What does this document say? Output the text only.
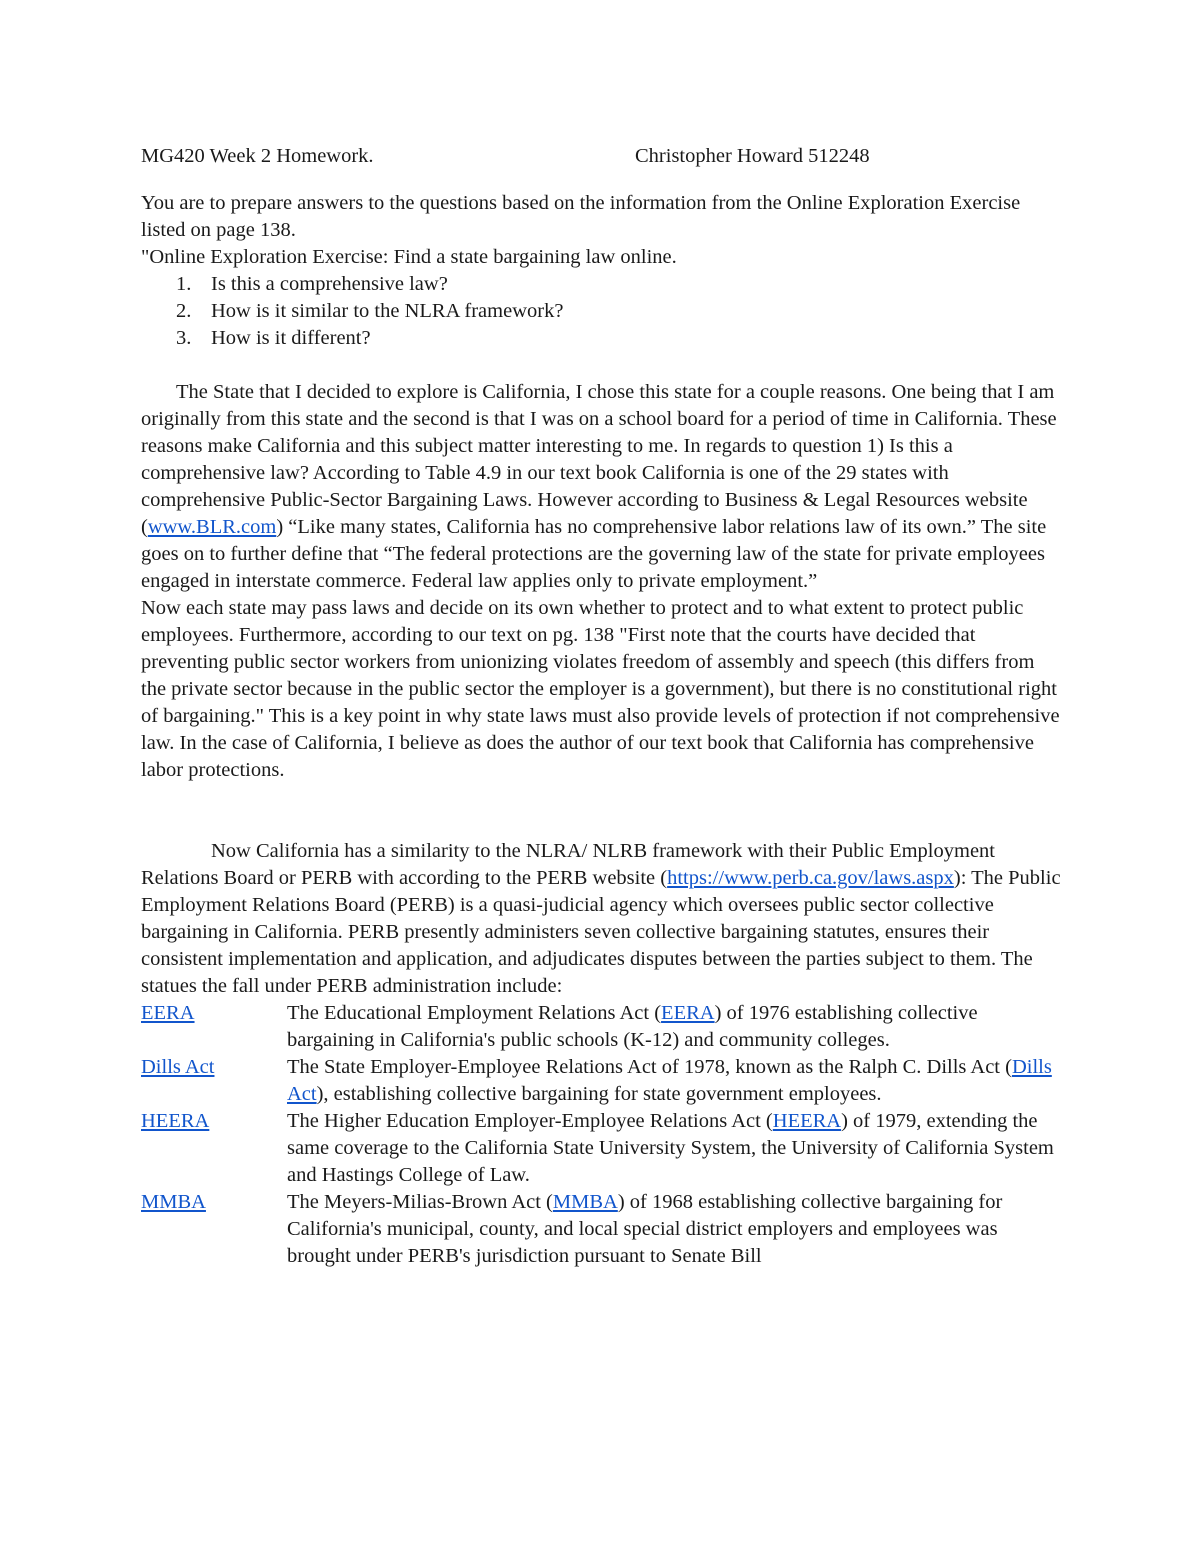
MG420 Week 2 Homework.	Christopher Howard 512248

You are to prepare answers to the questions based on the information from the Online Exploration Exercise listed on page 138.

"Online Exploration Exercise: Find a state bargaining law online.

1. Is this a comprehensive law?
2. How is it similar to the NLRA framework?
3. How is it different?

The State that I decided to explore is California, I chose this state for a couple reasons. One being that I am originally from this state and the second is that I was on a school board for a period of time in California. These reasons make California and this subject matter interesting to me. In regards to question 1) Is this a comprehensive law? According to Table 4.9 in our text book California is one of the 29 states with comprehensive Public-Sector Bargaining Laws. However according to Business & Legal Resources website (www.BLR.com) “Like many states, California has no comprehensive labor relations law of its own.” The site goes on to further define that “The federal protections are the governing law of the state for private employees engaged in interstate commerce. Federal law applies only to private employment.”

Now each state may pass laws and decide on its own whether to protect and to what extent to protect public employees. Furthermore, according to our text on pg. 138 "First note that the courts have decided that preventing public sector workers from unionizing violates freedom of assembly and speech (this differs from the private sector because in the public sector the employer is a government), but there is no constitutional right of bargaining." This is a key point in why state laws must also provide levels of protection if not comprehensive law. In the case of California, I believe as does the author of our text book that California has comprehensive labor protections.

Now California has a similarity to the NLRA/ NLRB framework with their Public Employment Relations Board or PERB with according to the PERB website (https://www.perb.ca.gov/laws.aspx): The Public Employment Relations Board (PERB) is a quasi-judicial agency which oversees public sector collective bargaining in California. PERB presently administers seven collective bargaining statutes, ensures their consistent implementation and application, and adjudicates disputes between the parties subject to them. The statues the fall under PERB administration include:

EERA	The Educational Employment Relations Act (EERA) of 1976 establishing collective bargaining in California's public schools (K-12) and community colleges.
Dills Act	The State Employer-Employee Relations Act of 1978, known as the Ralph C. Dills Act (Dills Act), establishing collective bargaining for state government employees.
HEERA	The Higher Education Employer-Employee Relations Act (HEERA) of 1979, extending the same coverage to the California State University System, the University of California System and Hastings College of Law.
MMBA	The Meyers-Milias-Brown Act (MMBA) of 1968 establishing collective bargaining for California's municipal, county, and local special district employers and employees was brought under PERB's jurisdiction pursuant to Senate Bill
